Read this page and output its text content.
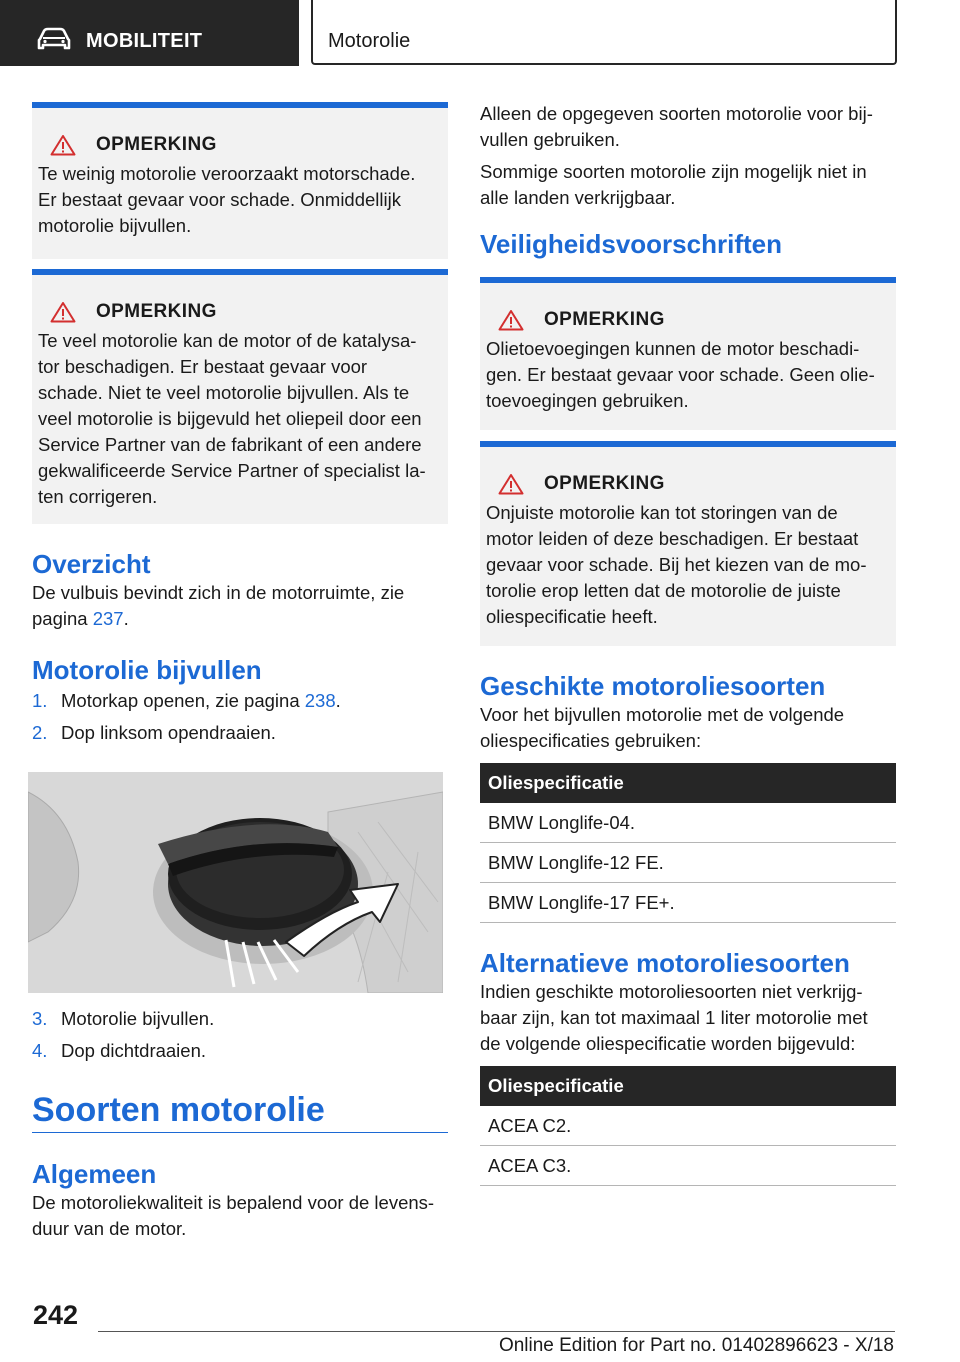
MOBILITEIT	Motorolie
OPMERKING
Te weinig motorolie veroorzaakt motorschade.
Er bestaat gevaar voor schade. Onmiddellijk
motorolie bijvullen.
OPMERKING
Te veel motorolie kan de motor of de katalysa-
tor beschadigen. Er bestaat gevaar voor
schade. Niet te veel motorolie bijvullen. Als te
veel motorolie is bijgevuld het oliepeil door een
Service Partner van de fabrikant of een andere
gekwalificeerde Service Partner of specialist la-
ten corrigeren.
Overzicht
De vulbuis bevindt zich in de motorruimte, zie
pagina 237.
Motorolie bijvullen
1. Motorkap openen, zie pagina 238.
2. Dop linksom opendraaien.
3. Motorolie bijvullen.
4. Dop dichtdraaien.
Soorten motorolie
Algemeen
De motoroliekwaliteit is bepalend voor de levens-
duur van de motor.
Alleen de opgegeven soorten motorolie voor bij-
vullen gebruiken.
Sommige soorten motorolie zijn mogelijk niet in
alle landen verkrijgbaar.
Veiligheidsvoorschriften
OPMERKING
Olietoevoegingen kunnen de motor beschadi-
gen. Er bestaat gevaar voor schade. Geen olie-
toevoegingen gebruiken.
OPMERKING
Onjuiste motorolie kan tot storingen van de
motor leiden of deze beschadigen. Er bestaat
gevaar voor schade. Bij het kiezen van de mo-
torolie erop letten dat de motorolie de juiste
oliespecificatie heeft.
Geschikte motoroliesoorten
Voor het bijvullen motorolie met de volgende
oliespecificaties gebruiken:
Oliespecificatie
BMW Longlife-04.
BMW Longlife-12 FE.
BMW Longlife-17 FE+.
Alternatieve motoroliesoorten
Indien geschikte motoroliesoorten niet verkrijg-
baar zijn, kan tot maximaal 1 liter motorolie met
de volgende oliespecificatie worden bijgevuld:
Oliespecificatie
ACEA C2.
ACEA C3.
242
Online Edition for Part no. 01402896623 - X/18
